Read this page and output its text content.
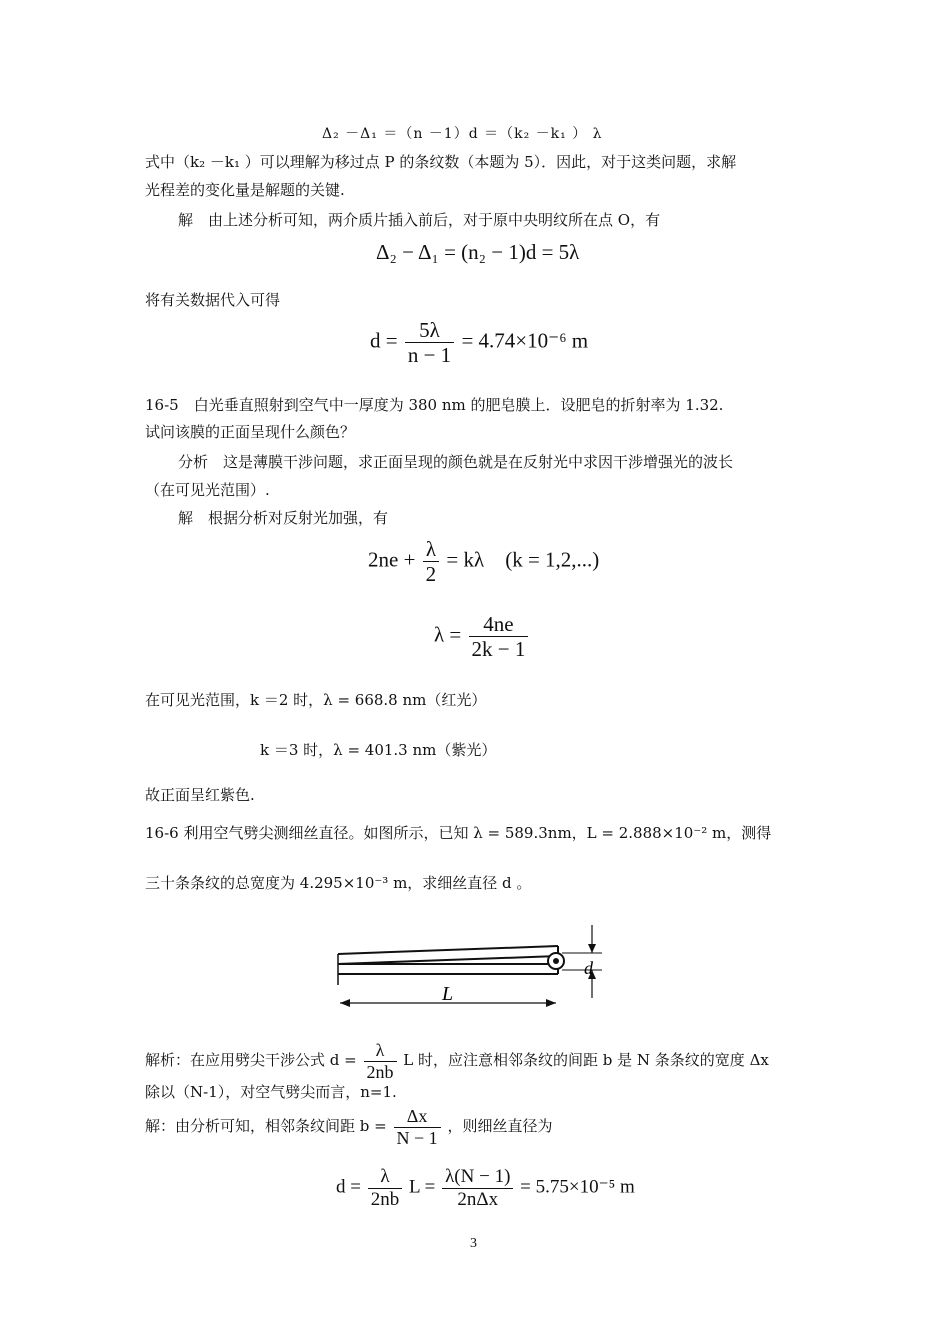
Δ₂ －Δ₁ ＝（n －1）d ＝（k₂ －k₁ ） λ
式中（k₂ －k₁ ）可以理解为移过点 P 的条纹数（本题为 5）．因此，对于这类问题，求解
光程差的变化量是解题的关键.
解　由上述分析可知，两介质片插入前后，对于原中央明纹所在点 O，有
Δ₂ − Δ₁ = (n₂ − 1)d = 5λ
将有关数据代入可得
$d = \frac{5\lambda}{n - 1} = 4.74\times 10^{-6}$ m
16-5　白光垂直照射到空气中一厚度为 380 nm 的肥皂膜上．设肥皂的折射率为 1.32.
试问该膜的正面呈现什么颜色？
分析　这是薄膜干涉问题，求正面呈现的颜色就是在反射光中求因干涉增强光的波长
（在可见光范围）.
解　根据分析对反射光加强，有
$2ne + \frac{\lambda}{2} = k\lambda$　(k = 1,2,...)
$\lambda = \frac{4ne}{2k - 1}$
在可见光范围，k ＝2 时，λ = 668.8 nm（红光）
k ＝3 时，λ = 401.3 nm（紫光）
故正面呈红紫色.
16-6 利用空气劈尖测细丝直径。如图所示，已知 λ = 589.3nm，L = 2.888×10⁻² m，测得
三十条条纹的总宽度为 4.295×10⁻³ m，求细丝直径 d 。
d
L
解析：在应用劈尖干涉公式 $d = \frac{\lambda}{2nb}$ L 时，应注意相邻条纹的间距 b 是 N 条条纹的宽度 Δx
除以（N-1），对空气劈尖而言，n=1.
解：由分析可知，相邻条纹间距 $b = \frac{\Delta x}{N - 1}$ ，则细丝直径为
$d = \frac{\lambda}{2nb}$ $L = \frac{\lambda(N - 1)}{\text{2nΔx}} = 5.75\times 10^{-5}$ m
3
